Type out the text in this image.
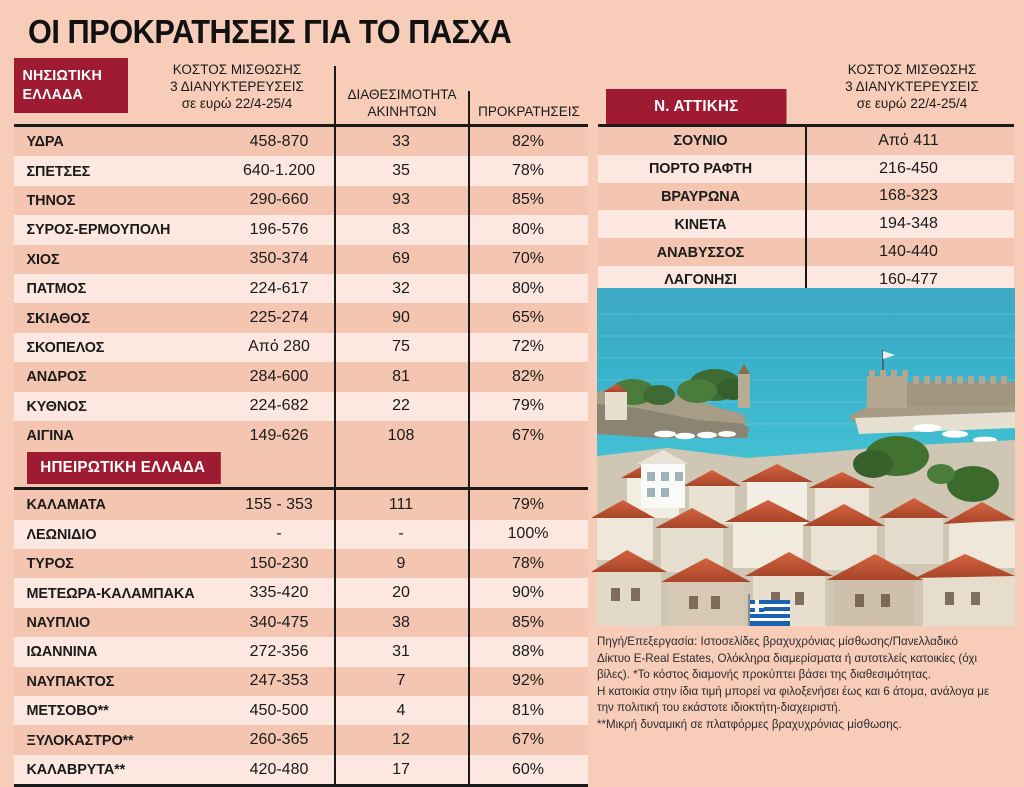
ΟΙ ΠΡΟΚΡΑΤΗΣΕΙΣ ΓΙΑ ΤΟ ΠΑΣΧΑ
ΝΗΣΙΩΤΙΚΗ
ΕΛΛΑΔΑ
ΚΟΣΤΟΣ ΜΙΣΘΩΣΗΣ
3 ΔΙΑΝΥΚΤΕΡΕΥΣΕΙΣ
σε ευρώ 22/4-25/4
ΔΙΑΘΕΣΙΜΟΤΗΤΑ
ΑΚΙΝΗΤΩΝ	ΠΡΟΚΡΑΤΗΣΕΙΣ
ΥΔΡΑ	458-870	33	82%
ΣΠΕΤΣΕΣ	640-1.200	35	78%
ΤΗΝΟΣ	290-660	93	85%
ΣΥΡΟΣ-ΕΡΜΟΥΠΟΛΗ	196-576	83	80%
ΧΙΟΣ	350-374	69	70%
ΠΑΤΜΟΣ	224-617	32	80%
ΣΚΙΑΘΟΣ	225-274	90	65%
ΣΚΟΠΕΛΟΣ	Από 280	75	72%
ΑΝΔΡΟΣ	284-600	81	82%
ΚΥΘΝΟΣ	224-682	22	79%
ΑΙΓΙΝΑ	149-626	108	67%
ΗΠΕΙΡΩΤΙΚΗ ΕΛΛΑΔΑ
ΚΑΛΑΜΑΤΑ	155 - 353	111	79%
ΛΕΩΝΙΔΙΟ	-	-	100%
ΤΥΡΟΣ	150-230	9	78%
ΜΕΤΕΩΡΑ-ΚΑΛΑΜΠΑΚΑ	335-420	20	90%
ΝΑΥΠΛΙΟ	340-475	38	85%
ΙΩΑΝΝΙΝΑ	272-356	31	88%
ΝΑΥΠΑΚΤΟΣ	247-353	7	92%
ΜΕΤΣΟΒΟ**	450-500	4	81%
ΞΥΛΟΚΑΣΤΡΟ**	260-365	12	67%
ΚΑΛΑΒΡΥΤΑ**	420-480	17	60%
Ν. ΑΤΤΙΚΗΣ
ΚΟΣΤΟΣ ΜΙΣΘΩΣΗΣ
3 ΔΙΑΝΥΚΤΕΡΕΥΣΕΙΣ
σε ευρώ 22/4-25/4
ΣΟΥΝΙΟ	Από 411
ΠΟΡΤΟ ΡΑΦΤΗ	216-450
ΒΡΑΥΡΩΝΑ	168-323
ΚΙΝΕΤΑ	194-348
ΑΝΑΒΥΣΣΟΣ	140-440
ΛΑΓΟΝΗΣΙ	160-477

Πηγή/Επεξεργασία: Ιστοσελίδες βραχυχρόνιας μίσθωσης/Πανελλαδικό

Δίκτυο E-Real Estates, Ολόκληρα διαμερίσματα ή αυτοτελείς κατοικίες (όχι

βίλες). *Το κόστος διαμονής προκύπτει βάσει της διαθεσιμότητας.

Η κατοικία στην ίδια τιμή μπορεί να φιλοξενήσει έως και 6 άτομα, ανάλογα με

την πολιτική του εκάστοτε ιδιοκτήτη-διαχειριστή.

**Μικρή δυναμική σε πλατφόρμες βραχυχρόνιας μίσθωσης.
